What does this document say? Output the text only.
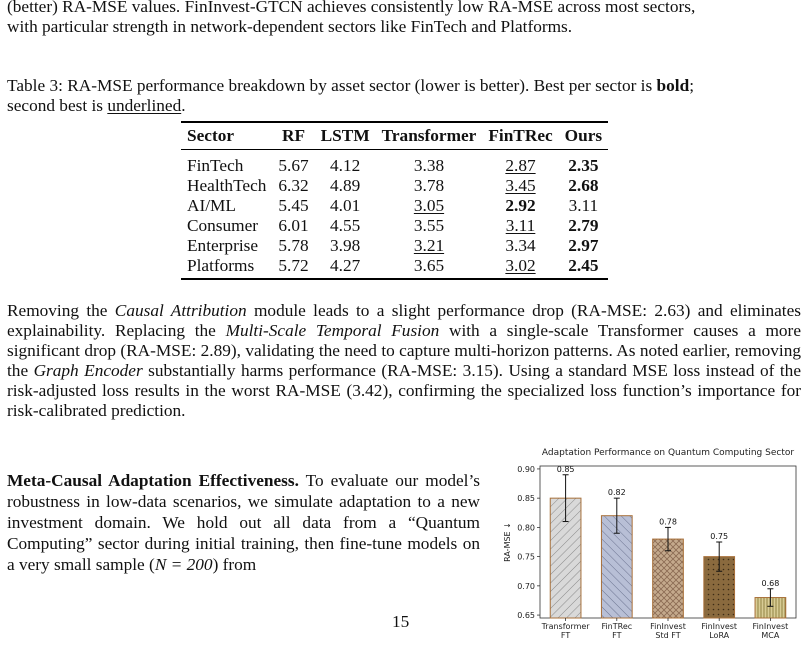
(better) RA-MSE values. FinInvest-GTCN achieves consistently low RA-MSE across most sectors,
with particular strength in network-dependent sectors like FinTech and Platforms.
Table 3: RA-MSE performance breakdown by asset sector (lower is better). Best per sector is bold;
second best is underlined.
Sector	RF	LSTM	Transformer	FinTRec	Ours
FinTech	5.67	4.12	3.38	2.87	2.35
HealthTech	6.32	4.89	3.78	3.45	2.68
AI/ML	5.45	4.01	3.05	2.92	3.11
Consumer	6.01	4.55	3.55	3.11	2.79
Enterprise	5.78	3.98	3.21	3.34	2.97
Platforms	5.72	4.27	3.65	3.02	2.45
Removing the Causal Attribution module leads to a slight performance drop (RA-MSE: 2.63) and eliminates explainability. Replacing the Multi-Scale Temporal Fusion with a single-scale Transformer causes a more significant drop (RA-MSE: 2.89), validating the need to capture multi-horizon patterns. As noted earlier, removing the Graph Encoder substantially harms performance (RA-MSE: 3.15). Using a standard MSE loss instead of the risk-adjusted loss results in the worst RA-MSE (3.42), confirming the specialized loss function’s importance for risk-calibrated prediction.
Meta-Causal Adaptation Effectiveness. To evaluate our model’s robustness in low-data scenarios, we simulate adaptation to a new investment domain. We hold out all data from a “Quantum Computing” sector during initial training, then fine-tune models on a very small sample (N = 200) from
15
Adaptation Performance on Quantum Computing Sector
0.65
0.70
0.75
0.80
0.85
0.90
RA-MSE ↓
0.85
Transformer
FT
0.82
FinTRec
FT
0.78
FinInvest
Std FT
0.75
FinInvest
LoRA
0.68
FinInvest
MCA
